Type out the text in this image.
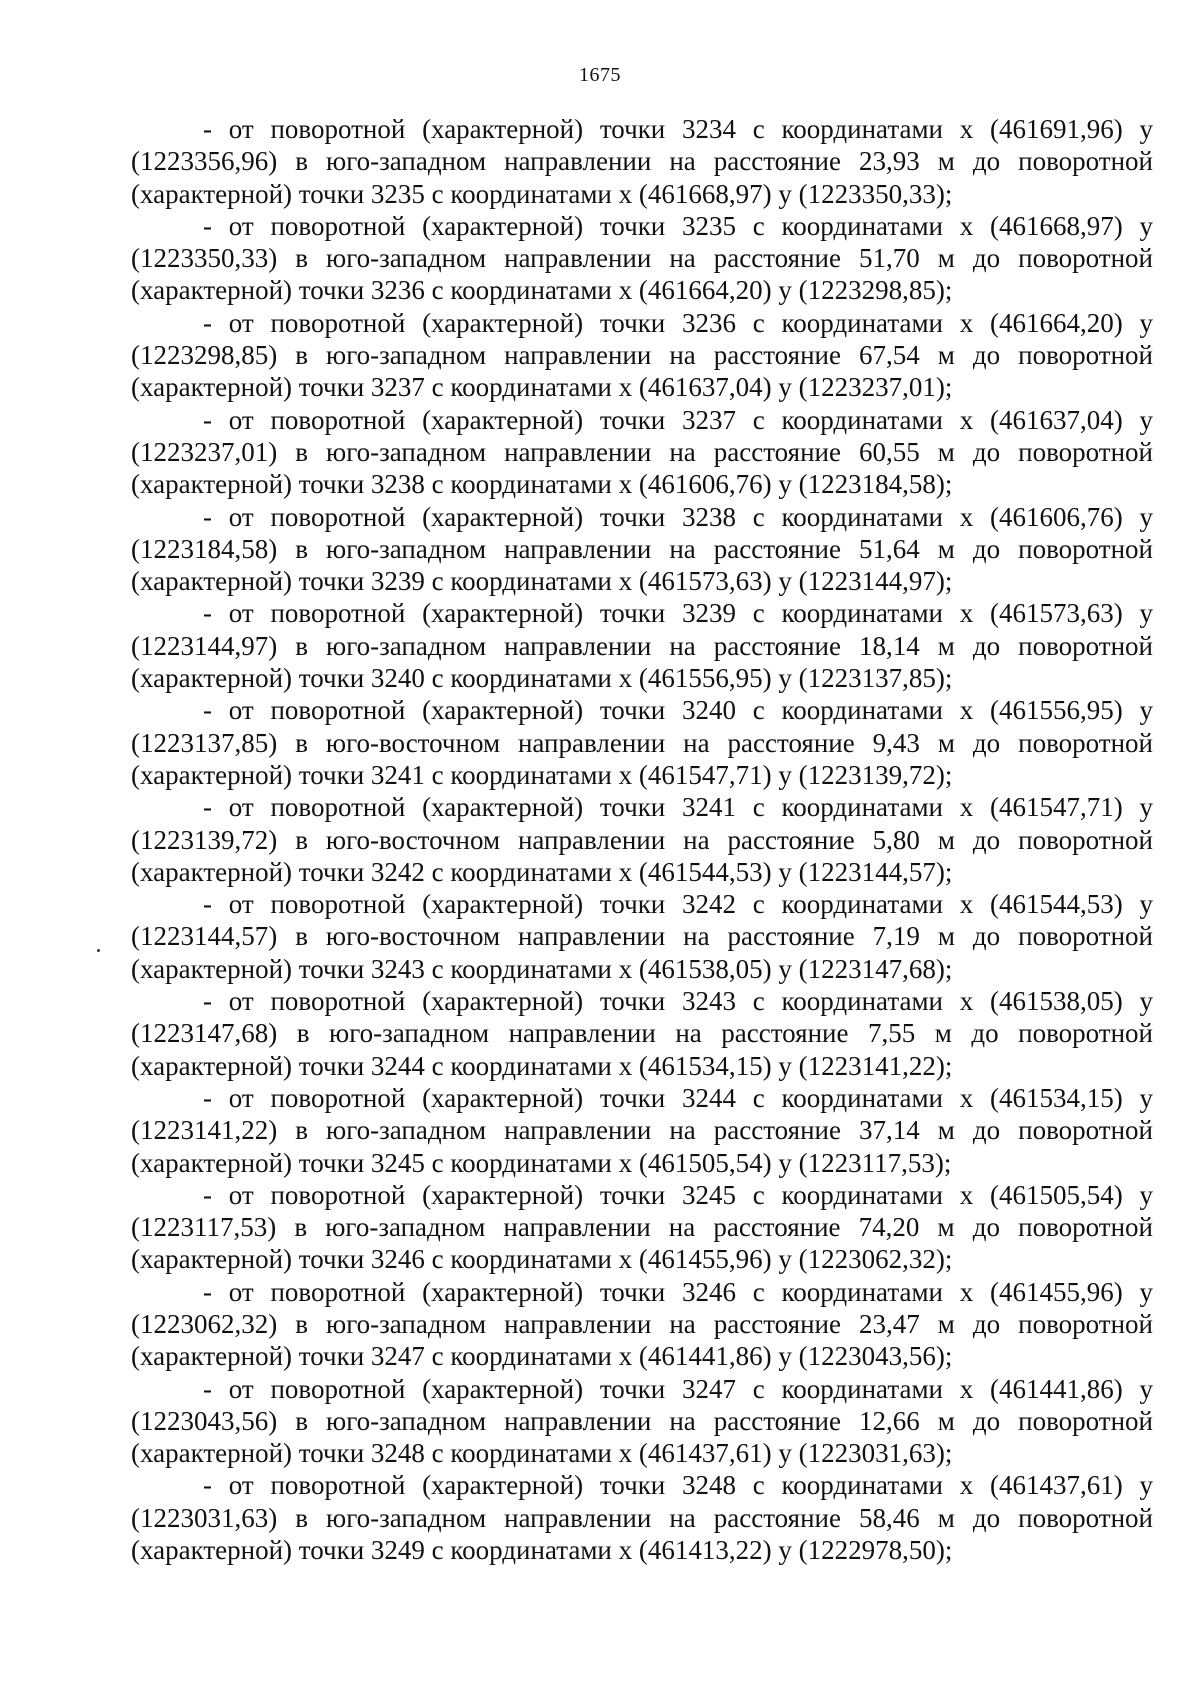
1675

- от поворотной (характерной) точки 3234 с координатами х (461691,96) у (1223356,96) в юго-западном направлении на расстояние 23,93 м до поворотной (характерной) точки 3235 с координатами х (461668,97) у (1223350,33);

- от поворотной (характерной) точки 3235 с координатами х (461668,97) у (1223350,33) в юго-западном направлении на расстояние 51,70 м до поворотной (характерной) точки 3236 с координатами х (461664,20) у (1223298,85);

- от поворотной (характерной) точки 3236 с координатами х (461664,20) у (1223298,85) в юго-западном направлении на расстояние 67,54 м до поворотной (характерной) точки 3237 с координатами х (461637,04) у (1223237,01);

- от поворотной (характерной) точки 3237 с координатами х (461637,04) у (1223237,01) в юго-западном направлении на расстояние 60,55 м до поворотной (характерной) точки 3238 с координатами х (461606,76) у (1223184,58);

- от поворотной (характерной) точки 3238 с координатами х (461606,76) у (1223184,58) в юго-западном направлении на расстояние 51,64 м до поворотной (характерной) точки 3239 с координатами х (461573,63) у (1223144,97);

- от поворотной (характерной) точки 3239 с координатами х (461573,63) у (1223144,97) в юго-западном направлении на расстояние 18,14 м до поворотной (характерной) точки 3240 с координатами х (461556,95) у (1223137,85);

- от поворотной (характерной) точки 3240 с координатами х (461556,95) у (1223137,85) в юго-восточном направлении на расстояние 9,43 м до поворотной (характерной) точки 3241 с координатами х (461547,71) у (1223139,72);

- от поворотной (характерной) точки 3241 с координатами х (461547,71) у (1223139,72) в юго-восточном направлении на расстояние 5,80 м до поворотной (характерной) точки 3242 с координатами х (461544,53) у (1223144,57);

- от поворотной (характерной) точки 3242 с координатами х (461544,53) у (1223144,57) в юго-восточном направлении на расстояние 7,19 м до поворотной (характерной) точки 3243 с координатами х (461538,05) у (1223147,68);

- от поворотной (характерной) точки 3243 с координатами х (461538,05) у (1223147,68) в юго-западном направлении на расстояние 7,55 м до поворотной (характерной) точки 3244 с координатами х (461534,15) у (1223141,22);

- от поворотной (характерной) точки 3244 с координатами х (461534,15) у (1223141,22) в юго-западном направлении на расстояние 37,14 м до поворотной (характерной) точки 3245 с координатами х (461505,54) у (1223117,53);

- от поворотной (характерной) точки 3245 с координатами х (461505,54) у (1223117,53) в юго-западном направлении на расстояние 74,20 м до поворотной (характерной) точки 3246 с координатами х (461455,96) у (1223062,32);

- от поворотной (характерной) точки 3246 с координатами х (461455,96) у (1223062,32) в юго-западном направлении на расстояние 23,47 м до поворотной (характерной) точки 3247 с координатами х (461441,86) у (1223043,56);

- от поворотной (характерной) точки 3247 с координатами х (461441,86) у (1223043,56) в юго-западном направлении на расстояние 12,66 м до поворотной (характерной) точки 3248 с координатами х (461437,61) у (1223031,63);

- от поворотной (характерной) точки 3248 с координатами х (461437,61) у (1223031,63) в юго-западном направлении на расстояние 58,46 м до поворотной (характерной) точки 3249 с координатами х (461413,22) у (1222978,50);
